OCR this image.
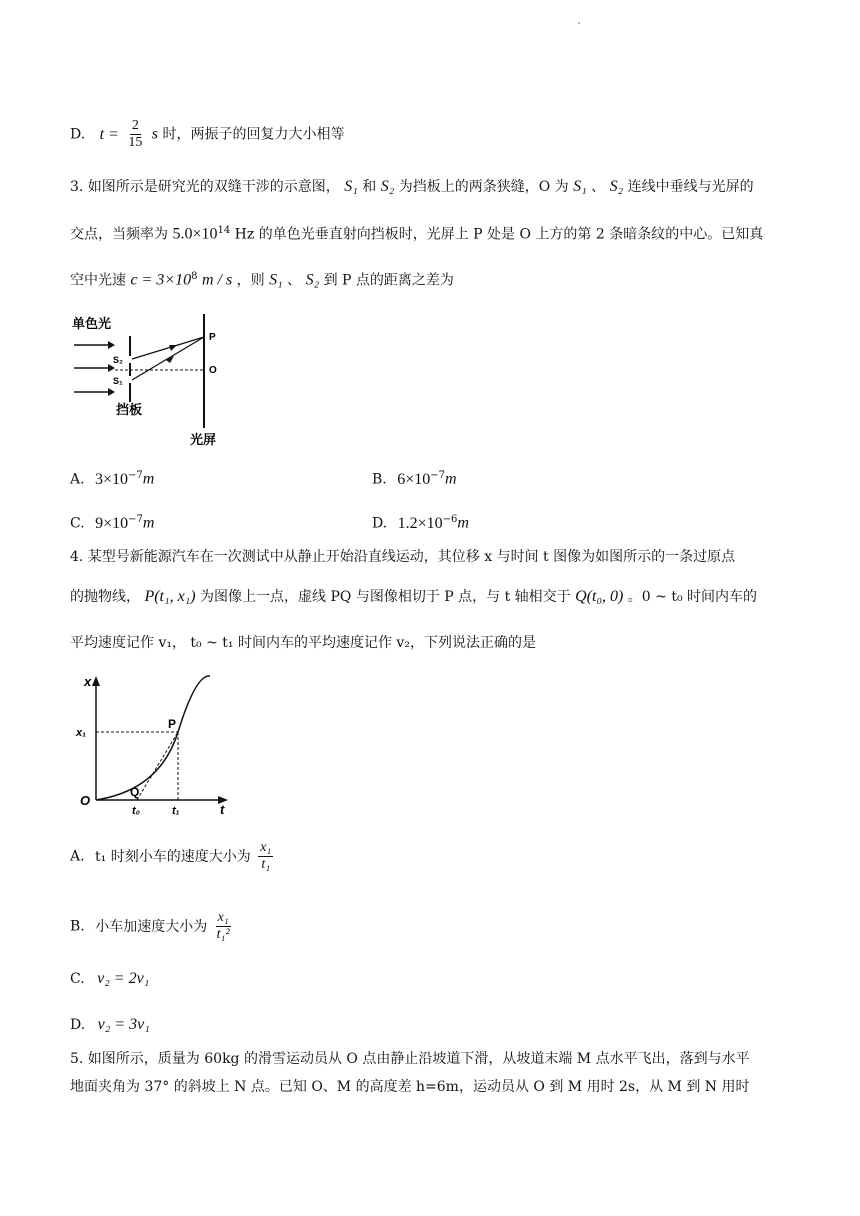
D. $t = \frac{2}{15}$ s 时，两振子的回复力大小相等
3. 如图所示是研究光的双缝干涉的示意图， S₁ 和 S₂ 为挡板上的两条狭缝，O 为 S₁ 、 S₂ 连线中垂线与光屏的
交点，当频率为 $5.0\times 10^{14}$ Hz 的单色光垂直射向挡板时，光屏上 P 处是 O 上方的第 2 条暗条纹的中心。已知真
空中光速 $c = 3\times 10^8$ m / s ，则 S₁ 、 S₂ 到 P 点的距离之差为
单色光
S₂
S₁
P
O
挡板
光屏
A. $3\times 10^{-7}m$	B. $6\times 10^{-7}m$
C. $9\times 10^{-7}m$	D. $1.2\times 10^{-6}m$
4. 某型号新能源汽车在一次测试中从静止开始沿直线运动，其位移 x 与时间 t 图像为如图所示的一条过原点
的抛物线， P(t₁, x₁) 为图像上一点，虚线 PQ 与图像相切于 P 点，与 t 轴相交于 Q(t₀, 0) 。0 ~ t₀ 时间内车的
平均速度记作 v₁， t₀ ~ t₁ 时间内车的平均速度记作 v₂，下列说法正确的是
x
x₁
O
t
t₀	t₁
P
Q
A. t₁ 时刻小车的速度大小为 $\frac{\text{x₁}}{\text{t₁}}$
B. 小车加速度大小为 $\frac{\text{x₁}}{\text{t₁²}}$
C. v₂ = 2v₁
D. v₂ = 3v₁
5. 如图所示，质量为 60kg 的滑雪运动员从 O 点由静止沿坡道下滑，从坡道末端 M 点水平飞出，落到与水平
地面夹角为 37° 的斜坡上 N 点。已知 O、M 的高度差 h=6m，运动员从 O 到 M 用时 2s，从 M 到 N 用时
